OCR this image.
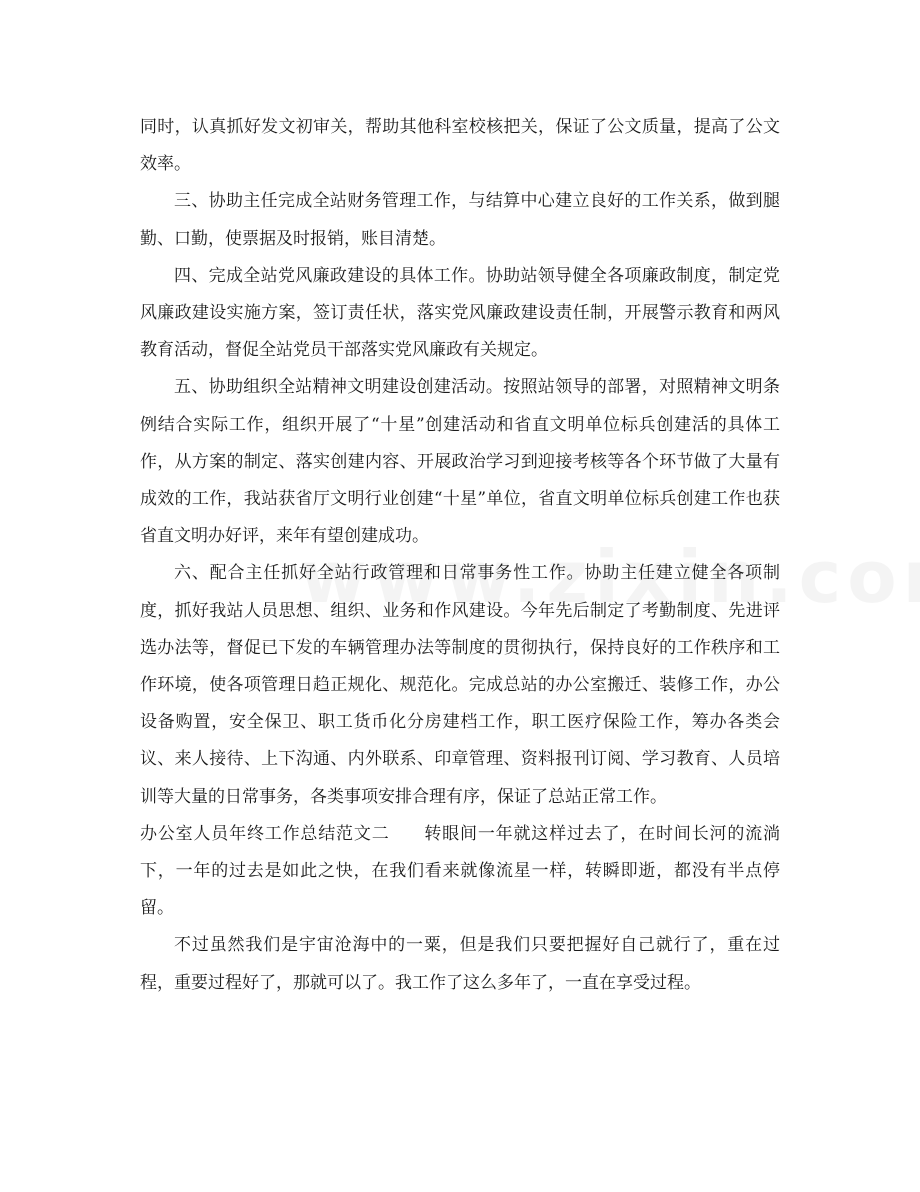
同时，认真抓好发文初审关，帮助其他科室校核把关，保证了公文质量，提高了公文效率。

三、协助主任完成全站财务管理工作，与结算中心建立良好的工作关系，做到腿勤、口勤，使票据及时报销，账目清楚。

四、完成全站党风廉政建设的具体工作。协助站领导健全各项廉政制度，制定党风廉政建设实施方案，签订责任状，落实党风廉政建设责任制，开展警示教育和两风教育活动，督促全站党员干部落实党风廉政有关规定。

五、协助组织全站精神文明建设创建活动。按照站领导的部署，对照精神文明条例结合实际工作，组织开展了“十星”创建活动和省直文明单位标兵创建活的具体工作，从方案的制定、落实创建内容、开展政治学习到迎接考核等各个环节做了大量有成效的工作，我站获省厅文明行业创建“十星”单位，省直文明单位标兵创建工作也获省直文明办好评，来年有望创建成功。

六、配合主任抓好全站行政管理和日常事务性工作。协助主任建立健全各项制度，抓好我站人员思想、组织、业务和作风建设。今年先后制定了考勤制度、先进评选办法等，督促已下发的车辆管理办法等制度的贯彻执行，保持良好的工作秩序和工作环境，使各项管理日趋正规化、规范化。完成总站的办公室搬迁、装修工作，办公设备购置，安全保卫、职工货币化分房建档工作，职工医疗保险工作，筹办各类会议、来人接待、上下沟通、内外联系、印章管理、资料报刊订阅、学习教育、人员培训等大量的日常事务，各类事项安排合理有序，保证了总站正常工作。

办公室人员年终工作总结范文二 转眼间一年就这样过去了，在时间长河的流淌下，一年的过去是如此之快，在我们看来就像流星一样，转瞬即逝，都没有半点停留。

不过虽然我们是宇宙沧海中的一粟，但是我们只要把握好自己就行了，重在过程，重要过程好了，那就可以了。我工作了这么多年了，一直在享受过程。
